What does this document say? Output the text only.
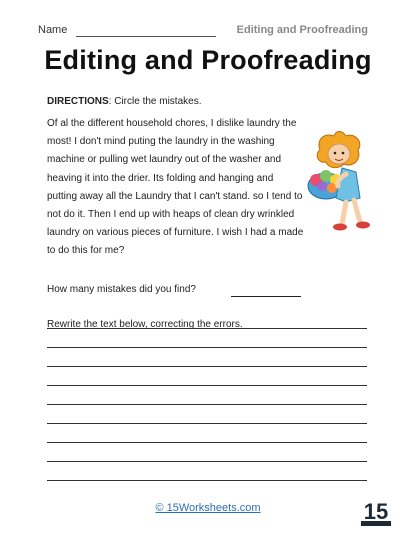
Name	Editing and Proofreading
Editing and Proofreading
DIRECTIONS: Circle the mistakes.
Of al the different household chores, I dislike laundry the
most! I don't mind puting the laundry in the washing
machine or pulling wet laundry out of the washer and
heaving it into the drier. Its folding and hanging and
putting away all the Laundry that I can't stand. so I tend to
not do it. Then I end up with heaps of clean dry wrinkled
laundry on various pieces of furniture. I wish I had a made
to do this for me?
How many mistakes did you find?
Rewrite the text below, correcting the errors.
© 15Worksheets.com	15
